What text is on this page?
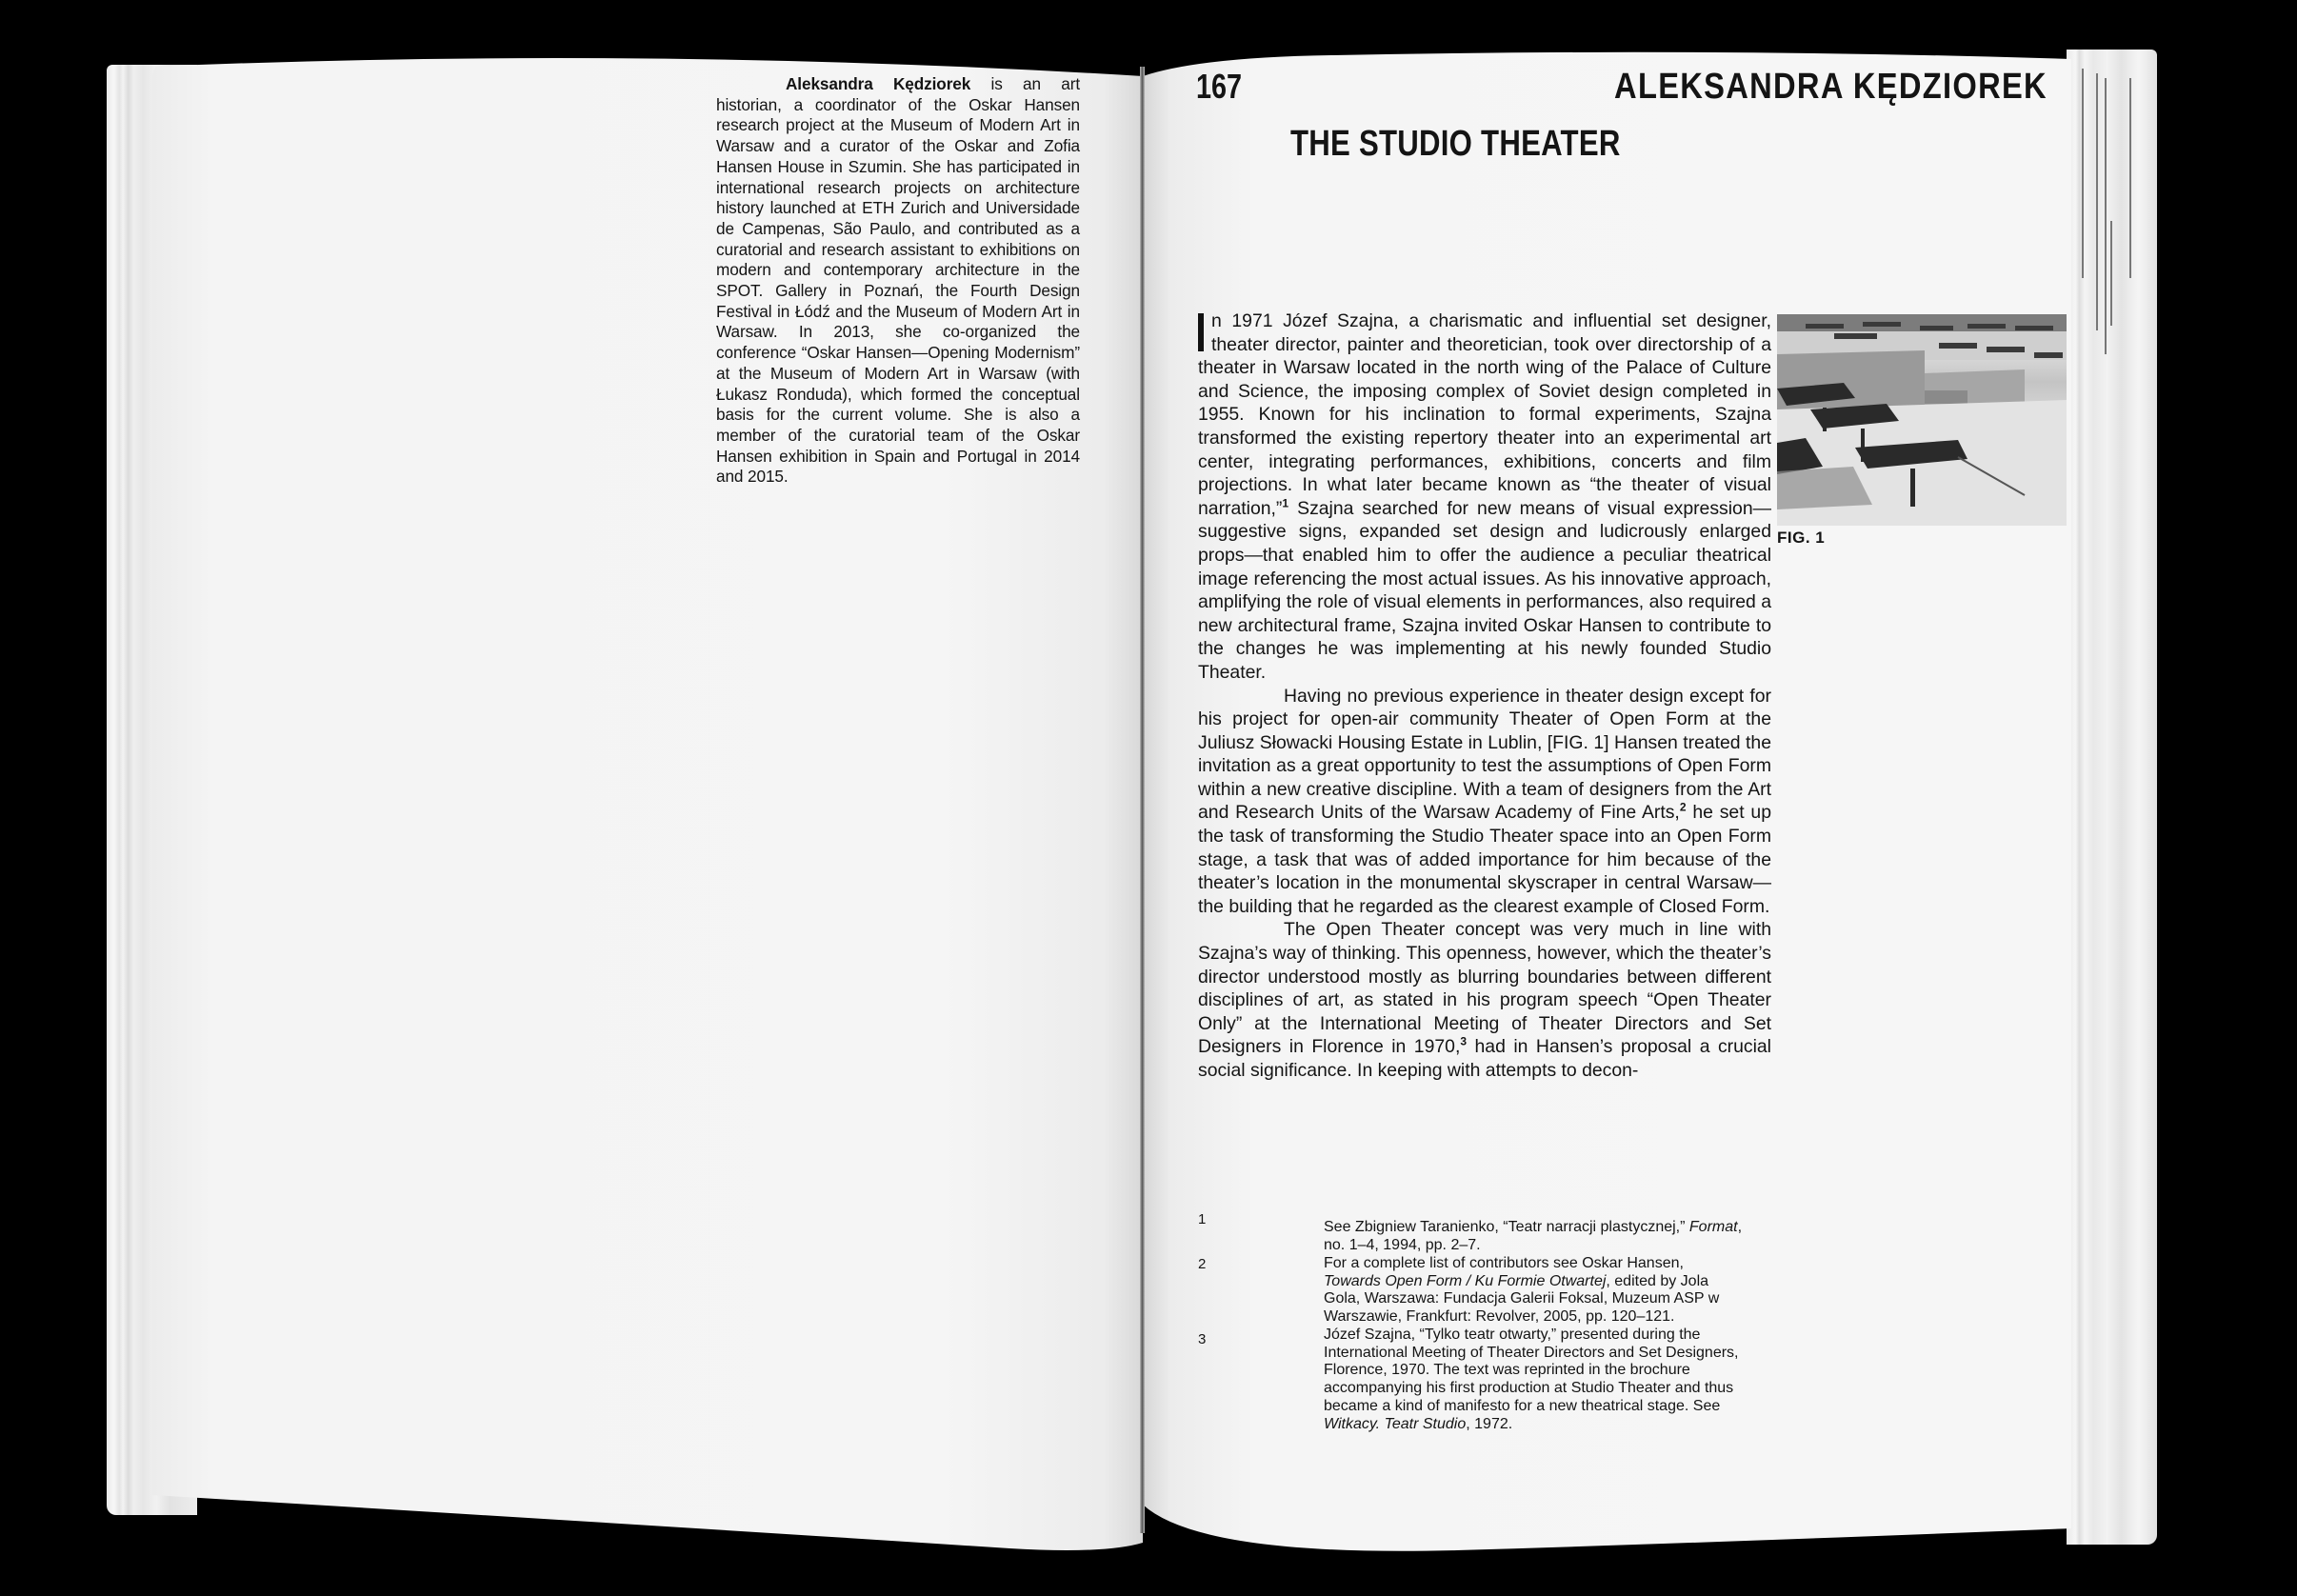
Aleksandra Kędziorek is an art historian, a coordinator of the Oskar Hansen research project at the Museum of Modern Art in Warsaw and a curator of the Oskar and Zofia Hansen House in Szumin. She has participated in international research projects on architecture history launched at ETH Zurich and Universidade de Campenas, São Paulo, and contributed as a curatorial and research assistant to exhibitions on modern and contemporary architecture in the SPOT. Gallery in Poznań, the Fourth Design Festival in Łódź and the Museum of Modern Art in Warsaw. In 2013, she co-organized the conference “Oskar Hansen—Opening Modernism” at the Museum of Modern Art in Warsaw (with Łukasz Ronduda), which formed the conceptual basis for the current volume. She is also a member of the curatorial team of the Oskar Hansen exhibition in Spain and Portugal in 2014 and 2015.
167	ALEKSANDRA KĘDZIOREK
THE STUDIO THEATER

n 1971 Józef Szajna, a charismatic and influential set designer, theater director, painter and theoretician, took over directorship of a theater in Warsaw located in the north wing of the Palace of Culture and Science, the imposing complex of Soviet design completed in 1955. Known for his inclination to formal experiments, Szajna transformed the existing repertory theater into an experimental art center, integrating performances, exhibitions, concerts and film projections. In what later became known as “the theater of visual narration,”$^1$ Szajna searched for new means of visual expression—suggestive signs, expanded set design and ludicrously enlarged props—that enabled him to offer the audience a peculiar theatrical image referencing the most actual issues. As his innovative approach, amplifying the role of visual elements in performances, also required a new architectural frame, Szajna invited Oskar Hansen to contribute to the changes he was implementing at his newly founded Studio Theater.

Having no previous experience in theater design except for his project for open-air community Theater of Open Form at the Juliusz Słowacki Housing Estate in Lublin, [FIG. 1] Hansen treated the invitation as a great opportunity to test the assumptions of Open Form within a new creative discipline. With a team of designers from the Art and Research Units of the Warsaw Academy of Fine Arts,$^2$ he set up the task of transforming the Studio Theater space into an Open Form stage, a task that was of added importance for him because of the theater’s location in the monumental skyscraper in central Warsaw—the building that he regarded as the clearest example of Closed Form.

The Open Theater concept was very much in line with Szajna’s way of thinking. This openness, however, which the theater’s director understood mostly as blurring boundaries between different disciplines of art, as stated in his program speech “Open Theater Only” at the International Meeting of Theater Directors and Set Designers in Florence in 1970,$^3$ had in Hansen’s proposal a crucial social significance. In keeping with attempts to decon-

FIG. 1
1	See Zbigniew Taranienko, “Teatr narracji plastycznej,” Format, no. 1–4, 1994, pp. 2–7.
2	For a complete list of contributors see Oskar Hansen, Towards Open Form / Ku Formie Otwartej, edited by Jola Gola, Warszawa: Fundacja Galerii Foksal, Muzeum ASP w Warszawie, Frankfurt: Revolver, 2005, pp. 120–121.
3	Józef Szajna, “Tylko teatr otwarty,” presented during the International Meeting of Theater Directors and Set Designers, Florence, 1970. The text was reprinted in the brochure accompanying his first production at Studio Theater and thus became a kind of manifesto for a new theatrical stage. See Witkacy. Teatr Studio, 1972.
